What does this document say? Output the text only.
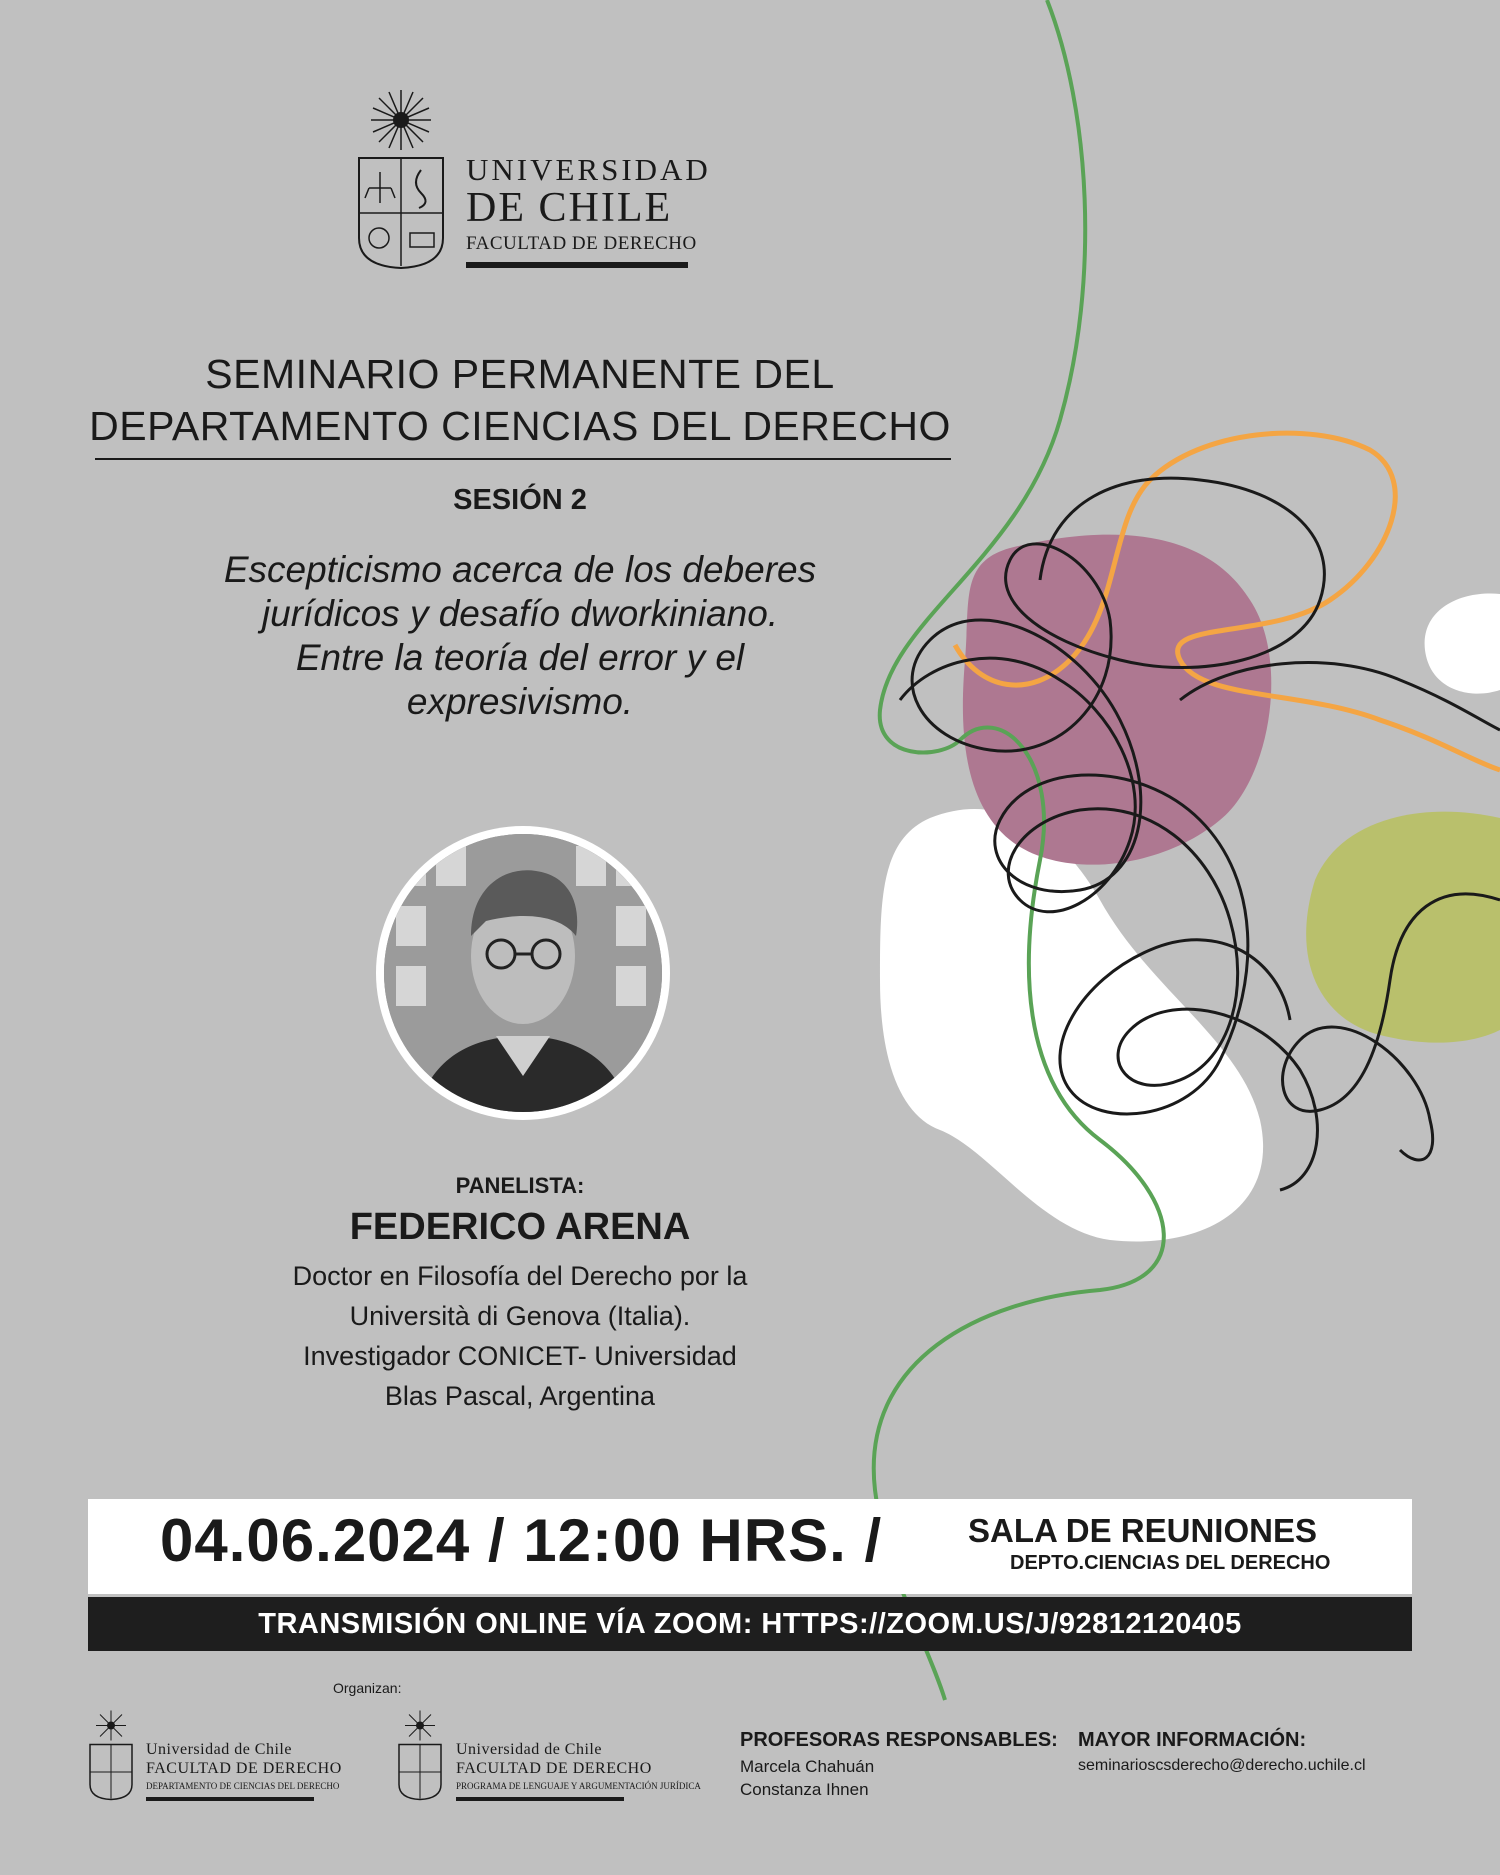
UNIVERSIDAD
DE CHILE
FACULTAD DE DERECHO
SEMINARIO PERMANENTE DEL
DEPARTAMENTO CIENCIAS DEL DERECHO
SESIÓN 2
Escepticismo acerca de los deberes
jurídicos y desafío dworkiniano.
Entre la teoría del error y el
expresivismo.
PANELISTA:
FEDERICO ARENA
Doctor en Filosofía del Derecho por la
Università di Genova (Italia).
Investigador CONICET- Universidad
Blas Pascal, Argentina
04.06.2024 / 12:00 HRS. /	SALA DE REUNIONES
DEPTO.CIENCIAS DEL DERECHO
TRANSMISIÓN ONLINE VÍA ZOOM: HTTPS://ZOOM.US/J/92812120405
Organizan:
Universidad de Chile
FACULTAD DE DERECHO
DEPARTAMENTO DE CIENCIAS DEL DERECHO
Universidad de Chile
FACULTAD DE DERECHO
PROGRAMA DE LENGUAJE Y ARGUMENTACIÓN JURÍDICA
PROFESORAS RESPONSABLES:
Marcela Chahuán
Constanza Ihnen
MAYOR INFORMACIÓN:
seminarioscsderecho@derecho.uchile.cl
